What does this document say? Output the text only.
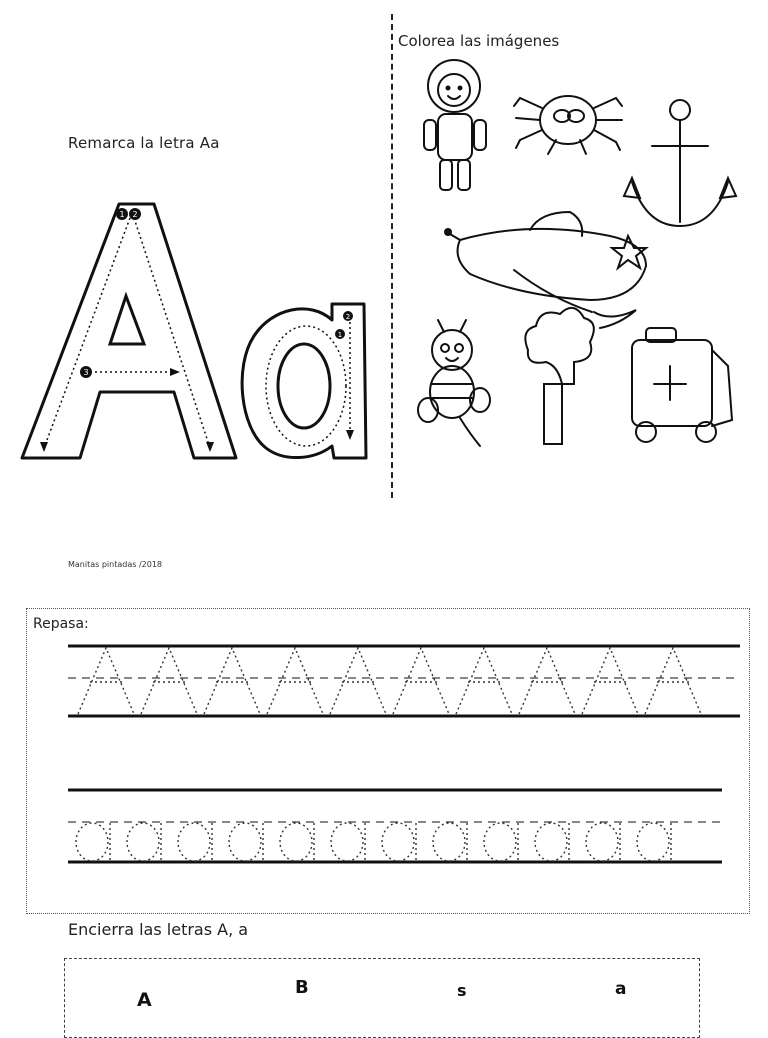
Remarca la letra Aa
1 2
3
1
2
Colorea las imágenes
Manitas pintadas /2018
Repasa:
Encierra las letras A, a
A
B	s	a
